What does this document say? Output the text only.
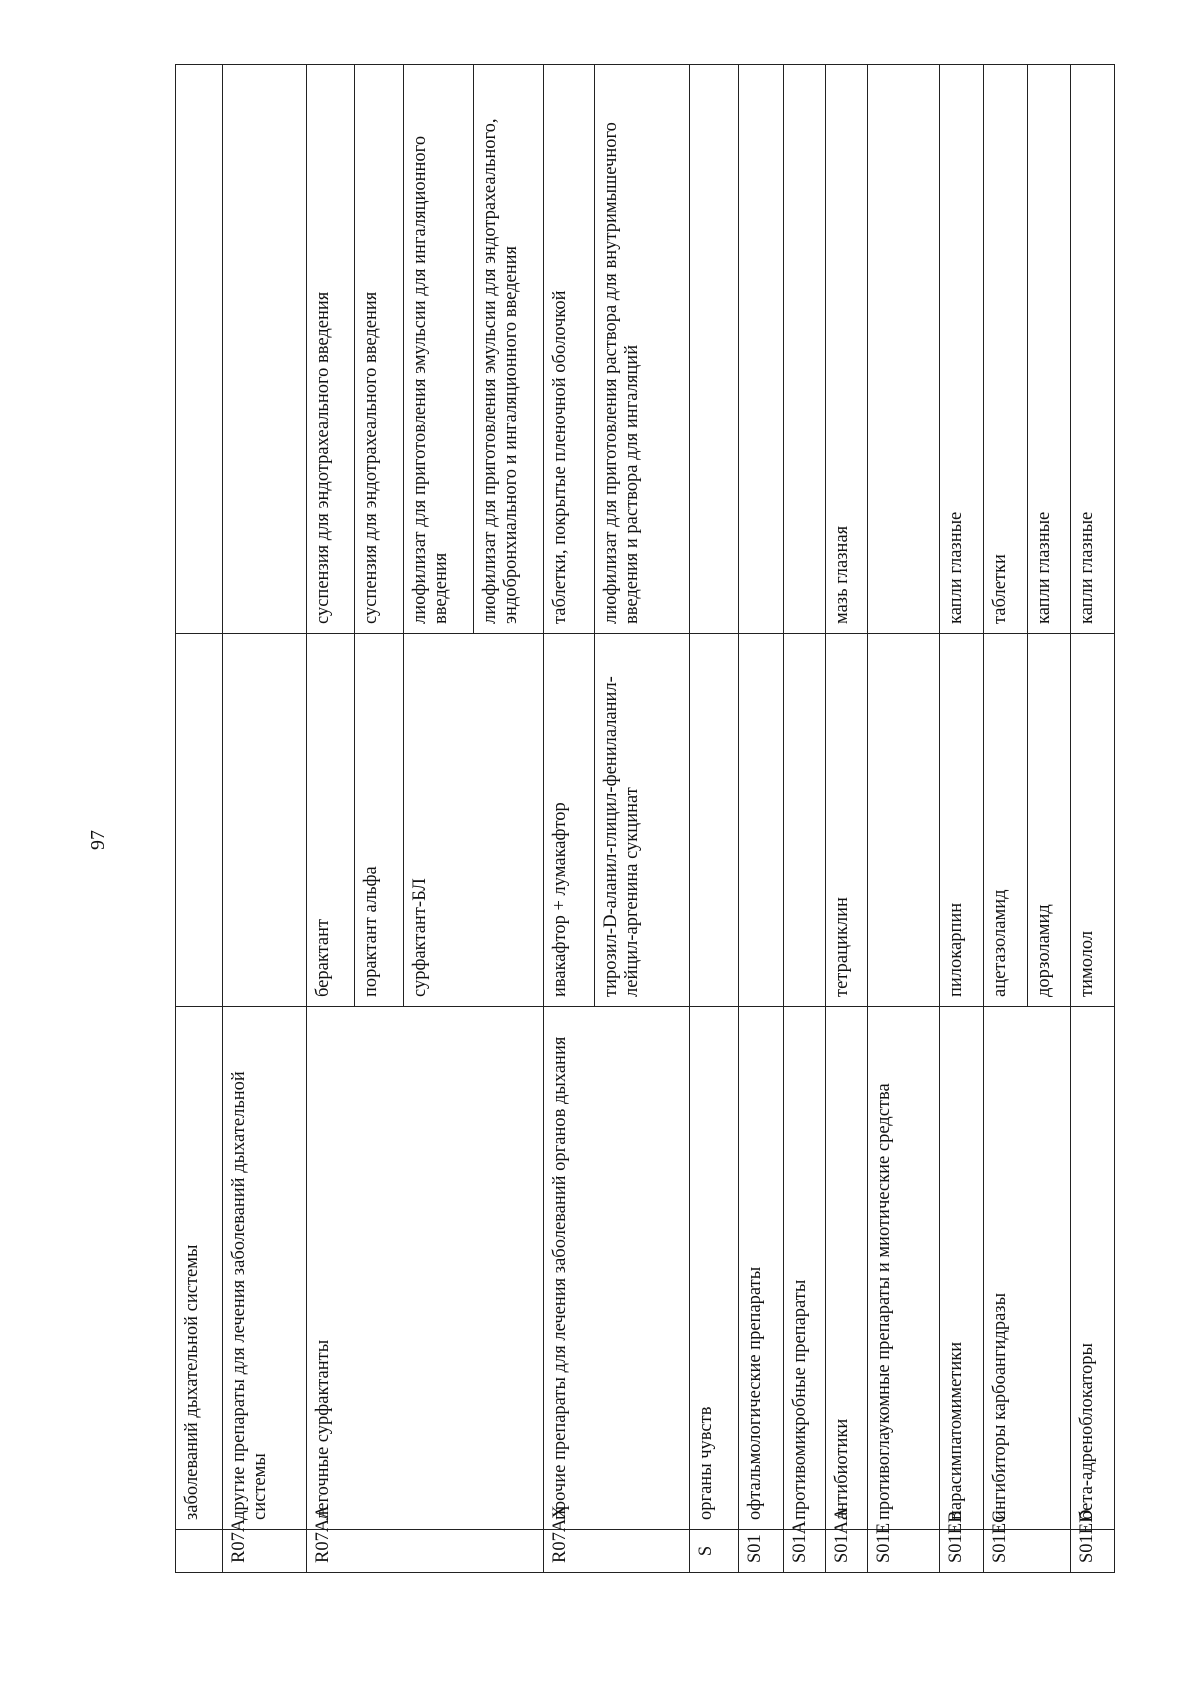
97
	заболеваний дыхательной системы		
R07A	другие препараты для лечения заболеваний дыхательной системы		
R07AA	легочные сурфактанты	берактант	суспензия для эндотрахеального введения
		порактант альфа	суспензия для эндотрахеального введения
		сурфактант-БЛ	лиофилизат для приготовления эмульсии для ингаляционного введения
			лиофилизат для приготовления эмульсии для эндотрахеального, эндобронхиального и ингаляционного введения
R07AX	прочие препараты для лечения заболеваний органов дыхания	ивакафтор + лумакафтор	таблетки, покрытые пленочной оболочкой
		тирозил-D-аланил-глицил-фенилаланил-лейцил-аргенина сукцинат	лиофилизат для приготовления раствора для внутримышечного введения и раствора для ингаляций
S	органы чувств		
S01	офтальмологические препараты		
S01A	противомикробные препараты		
S01AA	антибиотики	тетрациклин	мазь глазная
S01E	противоглаукомные препараты и миотические средства		
S01EB	парасимпатомиметики	пилокарпин	капли глазные
S01EC	ингибиторы карбоангидразы	ацетазоламид	таблетки
		дорзоламид	капли глазные
S01ED	бета-адреноблокаторы	тимолол	капли глазные
